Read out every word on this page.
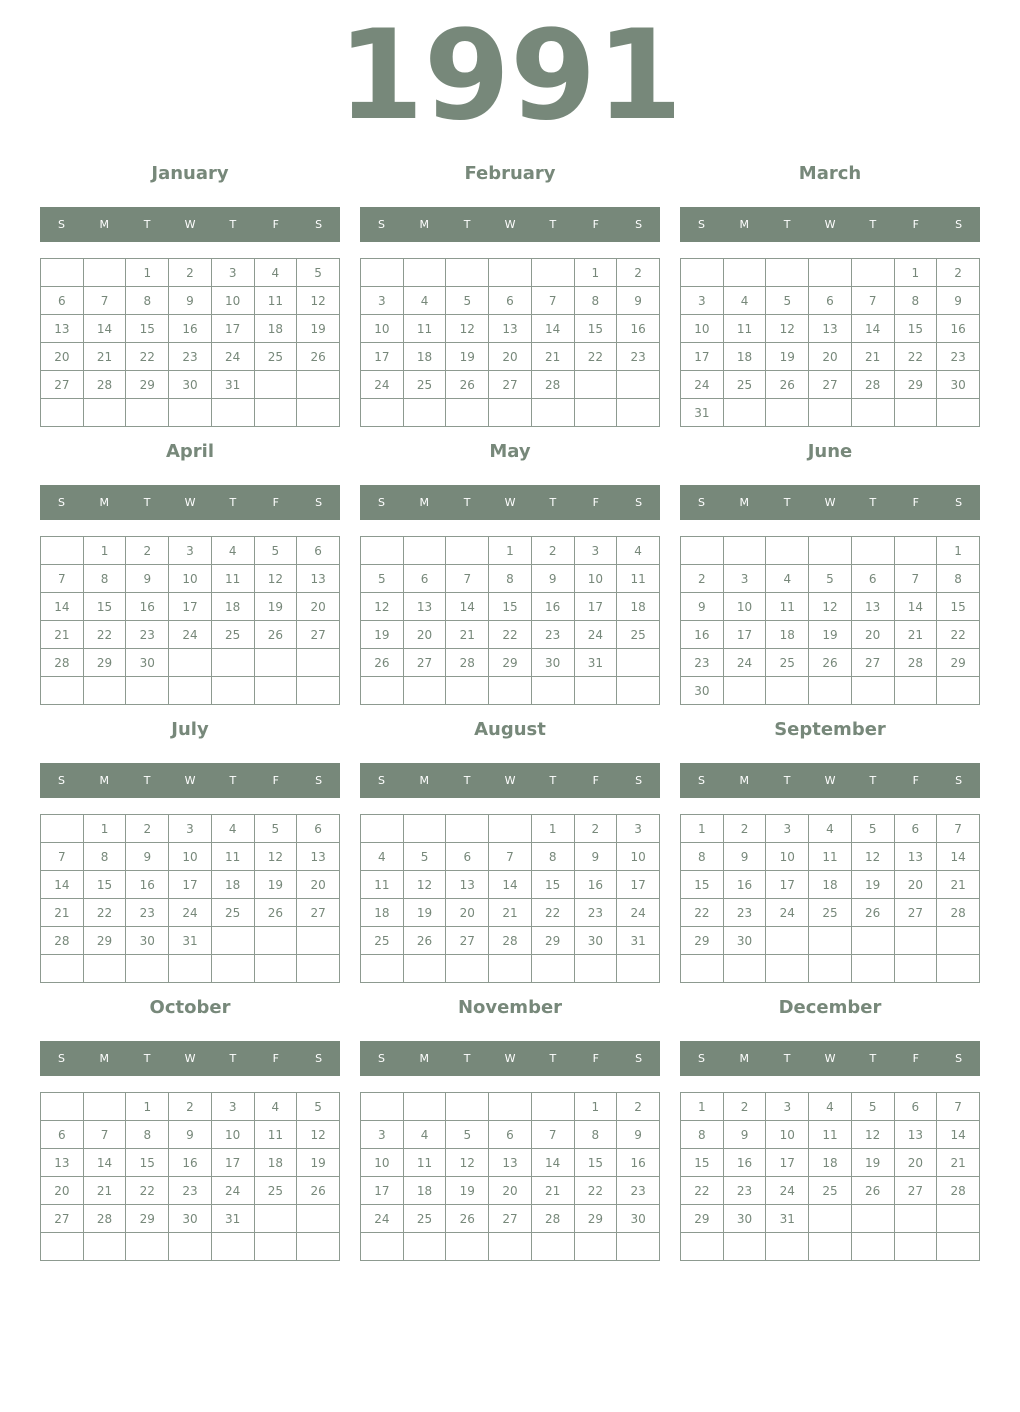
1991
January
S	M	T	W	T	F	S
		1	2	3	4	5
6	7	8	9	10	11	12
13	14	15	16	17	18	19
20	21	22	23	24	25	26
27	28	29	30	31		

February
S	M	T	W	T	F	S
					1	2
3	4	5	6	7	8	9
10	11	12	13	14	15	16
17	18	19	20	21	22	23
24	25	26	27	28		

March
S	M	T	W	T	F	S
					1	2
3	4	5	6	7	8	9
10	11	12	13	14	15	16
17	18	19	20	21	22	23
24	25	26	27	28	29	30
31						
April
S	M	T	W	T	F	S
	1	2	3	4	5	6
7	8	9	10	11	12	13
14	15	16	17	18	19	20
21	22	23	24	25	26	27
28	29	30				

May
S	M	T	W	T	F	S
			1	2	3	4
5	6	7	8	9	10	11
12	13	14	15	16	17	18
19	20	21	22	23	24	25
26	27	28	29	30	31	

June
S	M	T	W	T	F	S
						1
2	3	4	5	6	7	8
9	10	11	12	13	14	15
16	17	18	19	20	21	22
23	24	25	26	27	28	29
30						
July
S	M	T	W	T	F	S
	1	2	3	4	5	6
7	8	9	10	11	12	13
14	15	16	17	18	19	20
21	22	23	24	25	26	27
28	29	30	31			

August
S	M	T	W	T	F	S
				1	2	3
4	5	6	7	8	9	10
11	12	13	14	15	16	17
18	19	20	21	22	23	24
25	26	27	28	29	30	31

September
S	M	T	W	T	F	S
1	2	3	4	5	6	7
8	9	10	11	12	13	14
15	16	17	18	19	20	21
22	23	24	25	26	27	28
29	30					

October
S	M	T	W	T	F	S
		1	2	3	4	5
6	7	8	9	10	11	12
13	14	15	16	17	18	19
20	21	22	23	24	25	26
27	28	29	30	31		

November
S	M	T	W	T	F	S
					1	2
3	4	5	6	7	8	9
10	11	12	13	14	15	16
17	18	19	20	21	22	23
24	25	26	27	28	29	30

December
S	M	T	W	T	F	S
1	2	3	4	5	6	7
8	9	10	11	12	13	14
15	16	17	18	19	20	21
22	23	24	25	26	27	28
29	30	31				
